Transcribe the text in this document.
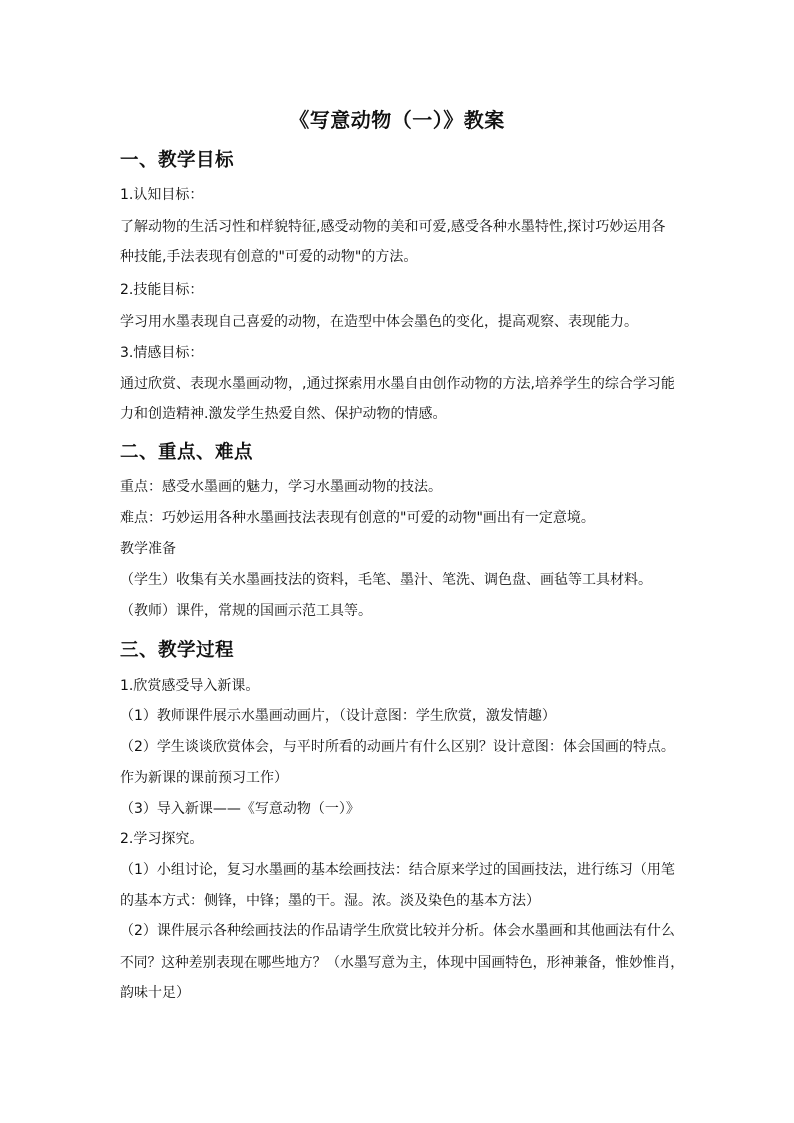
《写意动物（一）》教案
一、教学目标
1.认知目标：
了解动物的生活习性和样貌特征,感受动物的美和可爱,感受各种水墨特性,探讨巧妙运用各
种技能,手法表现有创意的"可爱的动物"的方法。
2.技能目标：
学习用水墨表现自己喜爱的动物，在造型中体会墨色的变化，提高观察、表现能力。
3.情感目标：
通过欣赏、表现水墨画动物，,通过探索用水墨自由创作动物的方法,培养学生的综合学习能
力和创造精神.激发学生热爱自然、保护动物的情感。
二、重点、难点
重点：感受水墨画的魅力，学习水墨画动物的技法。
难点：巧妙运用各种水墨画技法表现有创意的"可爱的动物"画出有一定意境。
教学准备
（学生）收集有关水墨画技法的资料，毛笔、墨汁、笔洗、调色盘、画毡等工具材料。
（教师）课件，常规的国画示范工具等。
三、教学过程
1.欣赏感受导入新课。
（1）教师课件展示水墨画动画片，（设计意图：学生欣赏，激发情趣）
（2）学生谈谈欣赏体会，与平时所看的动画片有什么区别？设计意图：体会国画的特点。
作为新课的课前预习工作）
（3）导入新课——《写意动物（一）》
2.学习探究。
（1）小组讨论，复习水墨画的基本绘画技法：结合原来学过的国画技法，进行练习（用笔
的基本方式：侧锋，中锋；墨的干。湿。浓。淡及染色的基本方法）
（2）课件展示各种绘画技法的作品请学生欣赏比较并分析。体会水墨画和其他画法有什么
不同？这种差别表现在哪些地方？（水墨写意为主，体现中国画特色，形神兼备，惟妙惟肖，
韵味十足）
